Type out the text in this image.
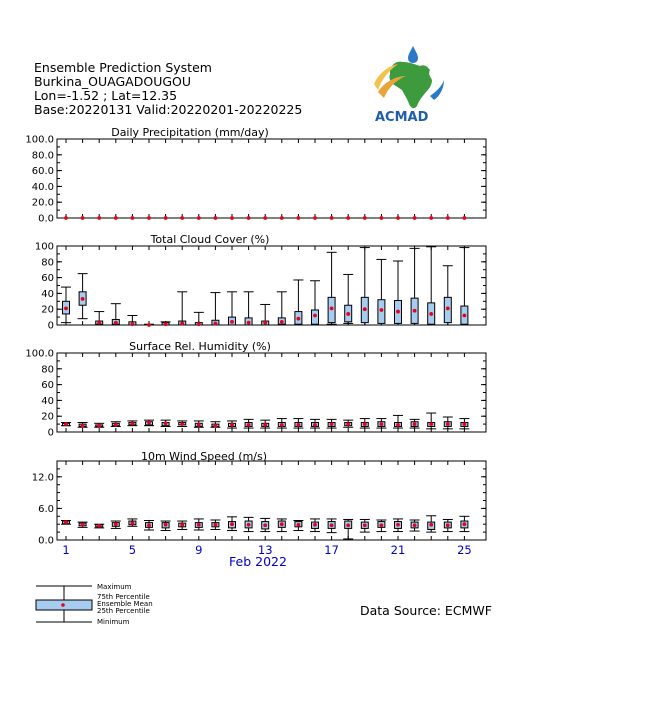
Ensemble Prediction System
Burkina_OUAGADOUGOU
Lon=-1.52 ; Lat=12.35
Base:20220131 Valid:20220201-20220225
ACMAD
Daily Precipitation (mm/day)
0.0
20.0
40.0
60.0
80.0
100.0
Total Cloud Cover (%)
0
20
40
60
80
100
Surface Rel. Humidity (%)
0
20
40
60
80
100.0
10m Wind Speed (m/s)
0.0
6.0
12.0
Feb 2022
1	5	9	13	17	21	25
Maximum
75th Percentile
Ensemble Mean
25th Percentile
Minimum
Data Source: ECMWF
